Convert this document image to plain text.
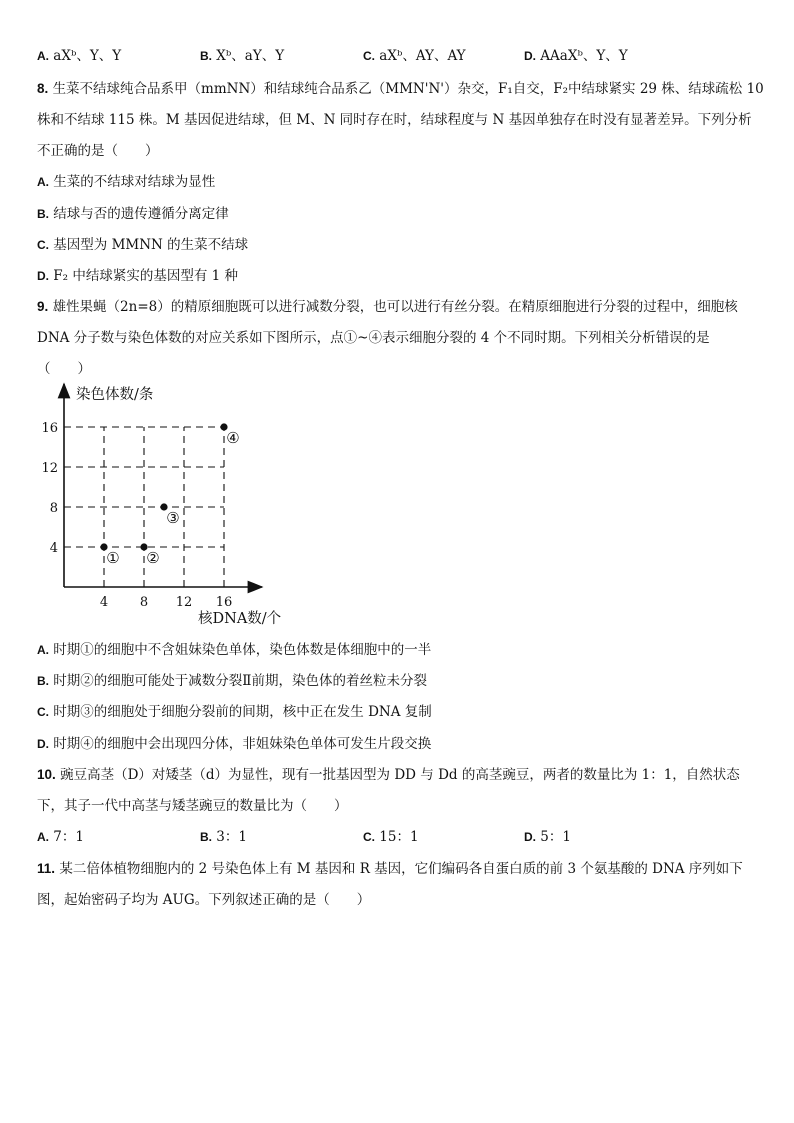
A. aXᵇ、Y、Y	B. Xᵇ、aY、Y	C. aXᵇ、AY、AY	D. AAaXᵇ、Y、Y
8. 生菜不结球纯合品系甲（mmNN）和结球纯合品系乙（MMN'N'）杂交，F₁自交，F₂中结球紧实 29 株、结球疏松 10
株和不结球 115 株。M 基因促进结球，但 M、N 同时存在时，结球程度与 N 基因单独存在时没有显著差异。下列分析
不正确的是（　　）
A. 生菜的不结球对结球为显性
B. 结球与否的遗传遵循分离定律
C. 基因型为 MMNN 的生菜不结球
D. F₂ 中结球紧实的基因型有 1 种
9. 雄性果蝇（2n=8）的精原细胞既可以进行减数分裂，也可以进行有丝分裂。在精原细胞进行分裂的过程中，细胞核
DNA 分子数与染色体数的对应关系如下图所示，点①~④表示细胞分裂的 4 个不同时期。下列相关分析错误的是
（　　）
染色体数/条
核DNA数/个
4
8
12
16
4 8 12 16
① ②
③
④
A. 时期①的细胞中不含姐妹染色单体，染色体数是体细胞中的一半
B. 时期②的细胞可能处于减数分裂Ⅱ前期，染色体的着丝粒未分裂
C. 时期③的细胞处于细胞分裂前的间期，核中正在发生 DNA 复制
D. 时期④的细胞中会出现四分体，非姐妹染色单体可发生片段交换
10. 豌豆高茎（D）对矮茎（d）为显性，现有一批基因型为 DD 与 Dd 的高茎豌豆，两者的数量比为 1：1，自然状态
下，其子一代中高茎与矮茎豌豆的数量比为（　　）
A. 7：1	B. 3：1	C. 15：1	D. 5：1
11. 某二倍体植物细胞内的 2 号染色体上有 M 基因和 R 基因，它们编码各自蛋白质的前 3 个氨基酸的 DNA 序列如下
图，起始密码子均为 AUG。下列叙述正确的是（　　）
